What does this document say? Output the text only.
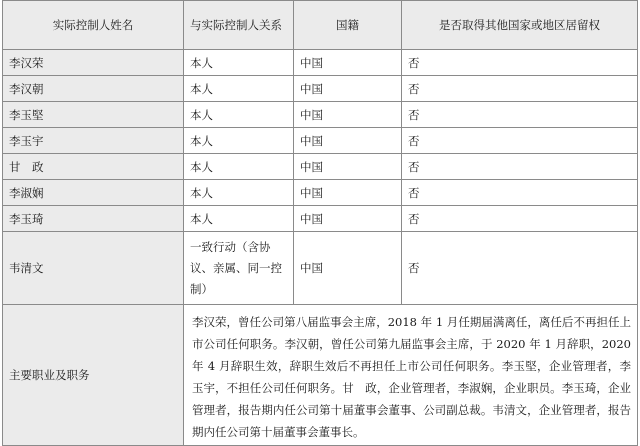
实际控制人姓名	与实际控制人关系	国籍	是否取得其他国家或地区居留权
李汉荣	本人	中国	否
李汉朝	本人	中国	否
李玉堅	本人	中国	否
李玉宇	本人	中国	否
甘　政	本人	中国	否
李淑娴	本人	中国	否
李玉琦	本人	中国	否
韦清文	一致行动（含协议、亲属、同一控制）	中国	否
主要职业及职务	李汉荣，曾任公司第八届监事会主席，2018 年 1 月任期届满离任，离任后不再担任上市公司任何职务。李汉朝，曾任公司第九届监事会主席，于 2020 年 1 月辞职，2020 年 4 月辞职生效，辞职生效后不再担任上市公司任何职务。李玉堅，企业管理者，李玉宇，不担任公司任何职务。甘　政，企业管理者，李淑娴，企业职员。李玉琦，企业管理者，报告期内任公司第十届董事会董事、公司副总裁。韦清文，企业管理者，报告期内任公司第十届董事会董事长。		
